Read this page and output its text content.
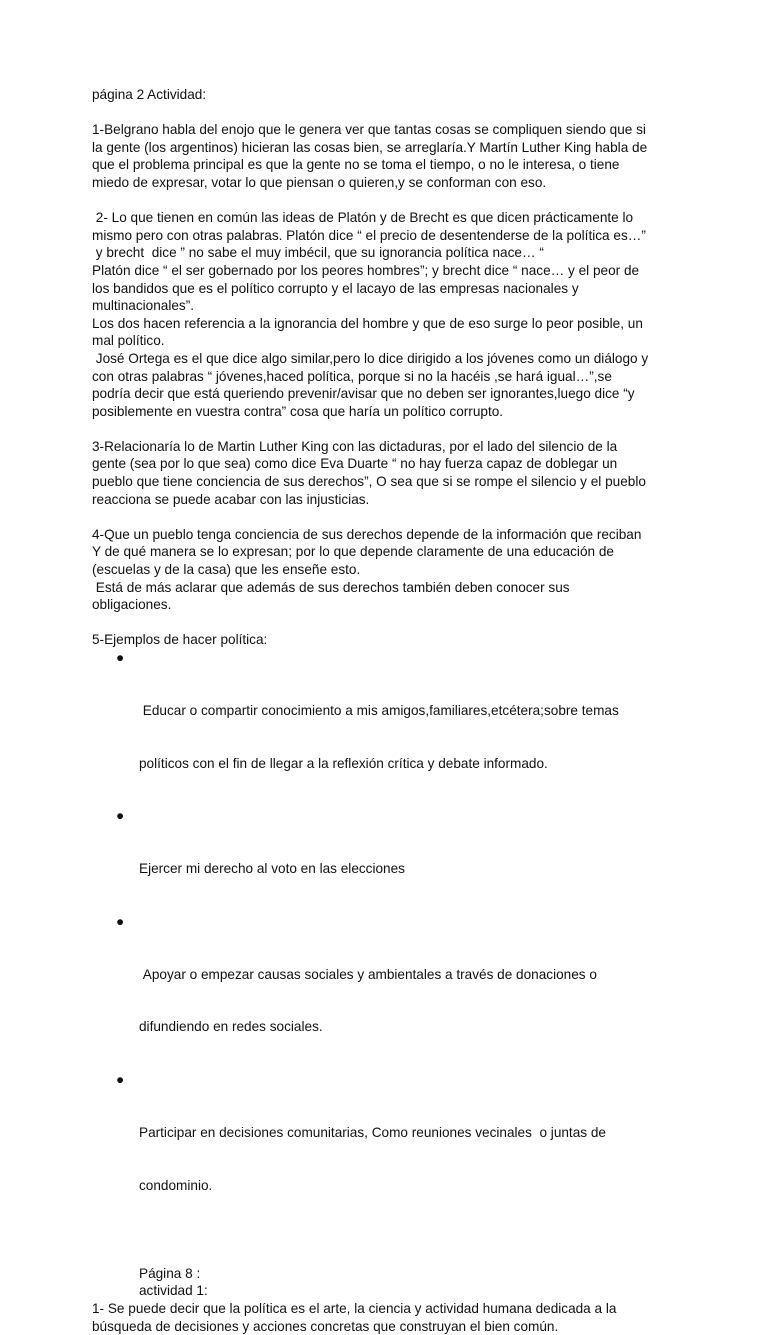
página 2 Actividad:

1-Belgrano habla del enojo que le genera ver que tantas cosas se compliquen siendo que si

la gente (los argentinos) hicieran las cosas bien, se arreglaría.Y Martín Luther King habla de

que el problema principal es que la gente no se toma el tiempo, o no le interesa, o tiene

miedo de expresar, votar lo que piensan o quieren,y se conforman con eso.

2- Lo que tienen en común las ideas de Platón y de Brecht es que dicen prácticamente lo

mismo pero con otras palabras. Platón dice “ el precio de desentenderse de la política es…”

y brecht  dice ” no sabe el muy imbécil, que su ignorancia política nace… “

Platón dice “ el ser gobernado por los peores hombres”; y brecht dice “ nace… y el peor de

los bandidos que es el político corrupto y el lacayo de las empresas nacionales y

multinacionales”.

Los dos hacen referencia a la ignorancia del hombre y que de eso surge lo peor posible, un

mal político.

José Ortega es el que dice algo similar,pero lo dice dirigido a los jóvenes como un diálogo y

con otras palabras “ jóvenes,haced política, porque si no la hacéis ,se hará igual…”,se

podría decir que está queriendo prevenir/avisar que no deben ser ignorantes,luego dice “y

posiblemente en vuestra contra” cosa que haría un político corrupto.

3-Relacionaría lo de Martin Luther King con las dictaduras, por el lado del silencio de la

gente (sea por lo que sea) como dice Eva Duarte “ no hay fuerza capaz de doblegar un

pueblo que tiene conciencia de sus derechos”, O sea que si se rompe el silencio y el pueblo

reacciona se puede acabar con las injusticias.

4-Que un pueblo tenga conciencia de sus derechos depende de la información que reciban

Y de qué manera se lo expresan; por lo que depende claramente de una educación de

(escuelas y de la casa) que les enseñe esto.

Está de más aclarar que además de sus derechos también deben conocer sus

obligaciones.

5-Ejemplos de hacer política:

●

Educar o compartir conocimiento a mis amigos,familiares,etcétera;sobre temas

políticos con el fin de llegar a la reflexión crítica y debate informado.

●

Ejercer mi derecho al voto en las elecciones

●

Apoyar o empezar causas sociales y ambientales a través de donaciones o

difundiendo en redes sociales.

●

Participar en decisiones comunitarias, Como reuniones vecinales  o juntas de

condominio.

Página 8 :

actividad 1:

1- Se puede decir que la política es el arte, la ciencia y actividad humana dedicada a la

búsqueda de decisiones y acciones concretas que construyan el bien común.
